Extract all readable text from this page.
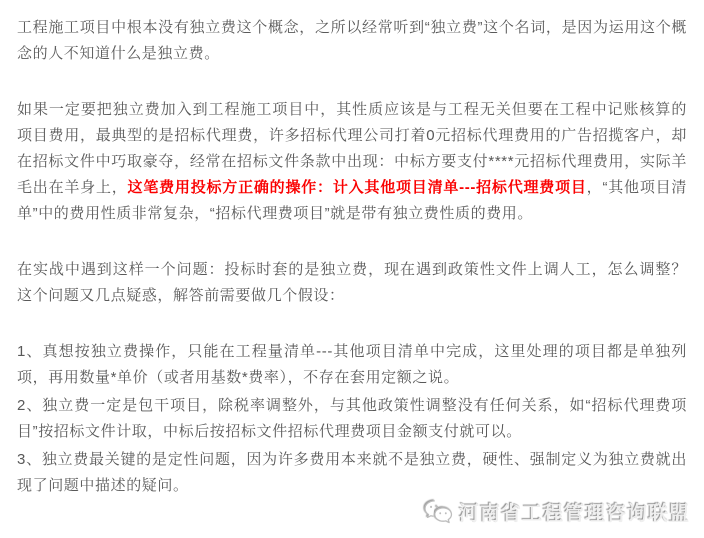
工程施工项目中根本没有独立费这个概念，之所以经常听到“独立费”这个名词，是因为运用这个概念的人不知道什么是独立费。

如果一定要把独立费加入到工程施工项目中，其性质应该是与工程无关但要在工程中记账核算的项目费用，最典型的是招标代理费，许多招标代理公司打着0元招标代理费用的广告招揽客户，却在招标文件中巧取豪夺，经常在招标文件条款中出现：中标方要支付****元招标代理费用，实际羊毛出在羊身上，这笔费用投标方正确的操作：计入其他项目清单---招标代理费项目，“其他项目清单”中的费用性质非常复杂，“招标代理费项目”就是带有独立费性质的费用。

在实战中遇到这样一个问题：投标时套的是独立费，现在遇到政策性文件上调人工，怎么调整？这个问题又几点疑惑，解答前需要做几个假设：

1、真想按独立费操作，只能在工程量清单---其他项目清单中完成，这里处理的项目都是单独列项，再用数量*单价（或者用基数*费率），不存在套用定额之说。

2、独立费一定是包干项目，除税率调整外，与其他政策性调整没有任何关系，如“招标代理费项目”按招标文件计取，中标后按招标文件招标代理费项目金额支付就可以。

3、独立费最关键的是定性问题，因为许多费用本来就不是独立费，硬性、强制定义为独立费就出现了问题中描述的疑问。

河南省工程管理咨询联盟
